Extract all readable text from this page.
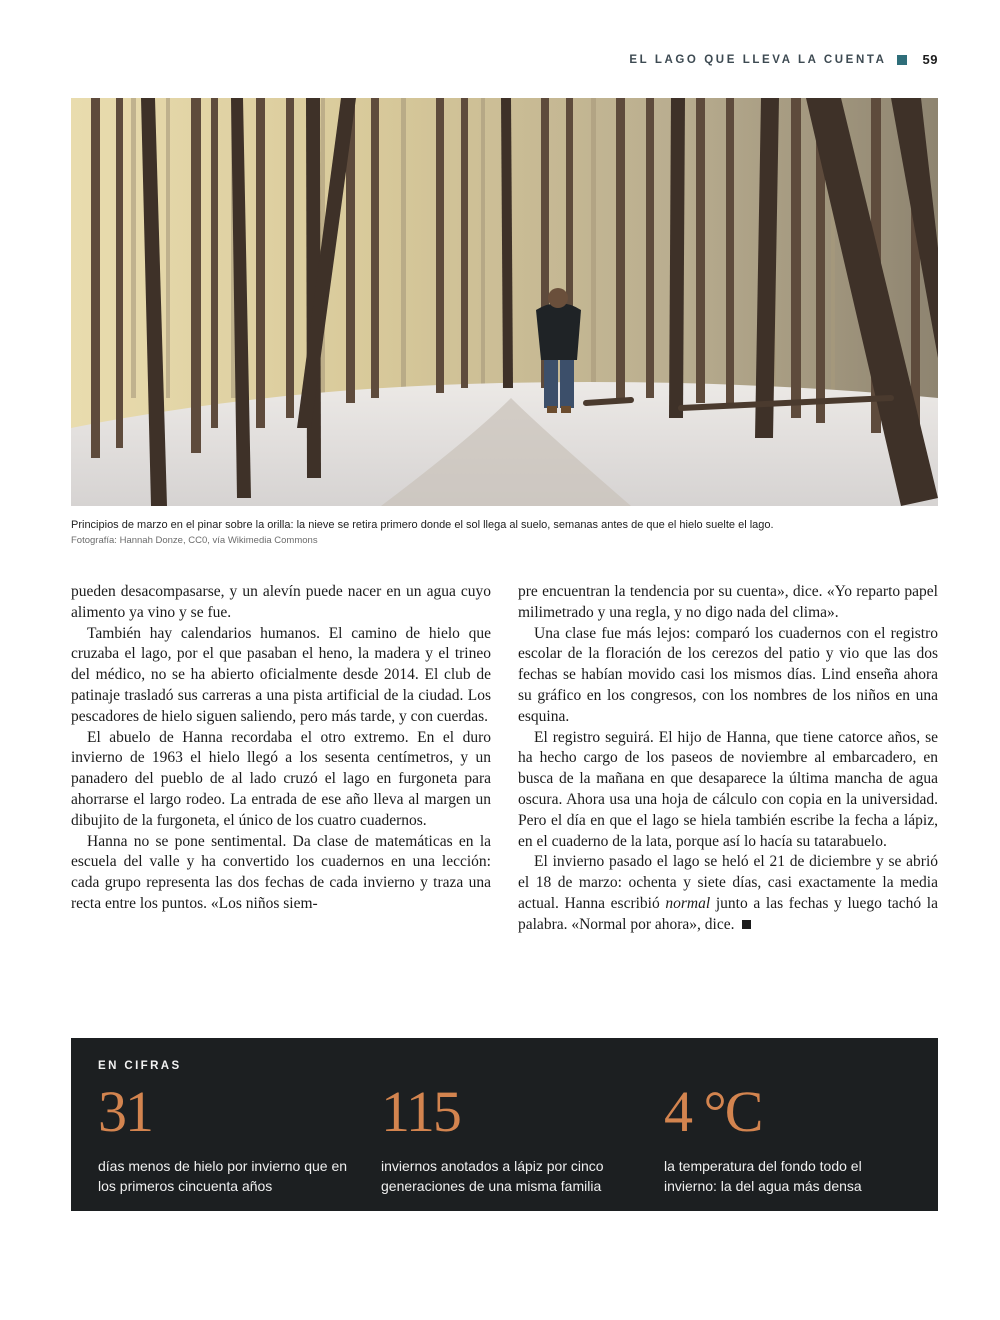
EL LAGO QUE LLEVA LA CUENTA	59
Principios de marzo en el pinar sobre la orilla: la nieve se retira primero donde el sol llega al suelo, semanas antes de que el hielo suelte el lago.
Fotografía: Hannah Donze, CC0, vía Wikimedia Commons

pueden desacompasarse, y un alevín puede nacer en un agua cuyo alimento ya vino y se fue.

También hay calendarios humanos. El camino de hielo que cruzaba el lago, por el que pasaban el heno, la madera y el trineo del médico, no se ha abierto oficialmente desde 2014. El club de patinaje trasladó sus carreras a una pista artificial de la ciudad. Los pescadores de hielo siguen saliendo, pero más tarde, y con cuerdas.

El abuelo de Hanna recordaba el otro extremo. En el duro invierno de 1963 el hielo llegó a los sesenta centímetros, y un panadero del pueblo de al lado cruzó el lago en furgoneta para ahorrarse el largo rodeo. La entrada de ese año lleva al margen un dibujito de la furgoneta, el único de los cuatro cuadernos.

Hanna no se pone sentimental. Da clase de matemáticas en la escuela del valle y ha convertido los cuadernos en una lección: cada grupo representa las dos fechas de cada invierno y traza una recta entre los puntos. «Los niños siem-

pre encuentran la tendencia por su cuenta», dice. «Yo reparto papel milimetrado y una regla, y no digo nada del clima».

Una clase fue más lejos: comparó los cuadernos con el registro escolar de la floración de los cerezos del patio y vio que las dos fechas se habían movido casi los mismos días. Lind enseña ahora su gráfico en los congresos, con los nombres de los niños en una esquina.

El registro seguirá. El hijo de Hanna, que tiene catorce años, se ha hecho cargo de los paseos de noviembre al embarcadero, en busca de la mañana en que desaparece la última mancha de agua oscura. Ahora usa una hoja de cálculo con copia en la universidad. Pero el día en que el lago se hiela también escribe la fecha a lápiz, en el cuaderno de la lata, porque así lo hacía su tatarabuelo.

El invierno pasado el lago se heló el 21 de diciembre y se abrió el 18 de marzo: ochenta y siete días, casi exactamente la media actual. Hanna escribió normal junto a las fechas y luego tachó la palabra. «Normal por ahora», dice.

EN CIFRAS
31
días menos de hielo por invierno que en los primeros cincuenta años
115
inviernos anotados a lápiz por cinco generaciones de una misma familia
4 °C
la temperatura del fondo todo el invierno: la del agua más densa
